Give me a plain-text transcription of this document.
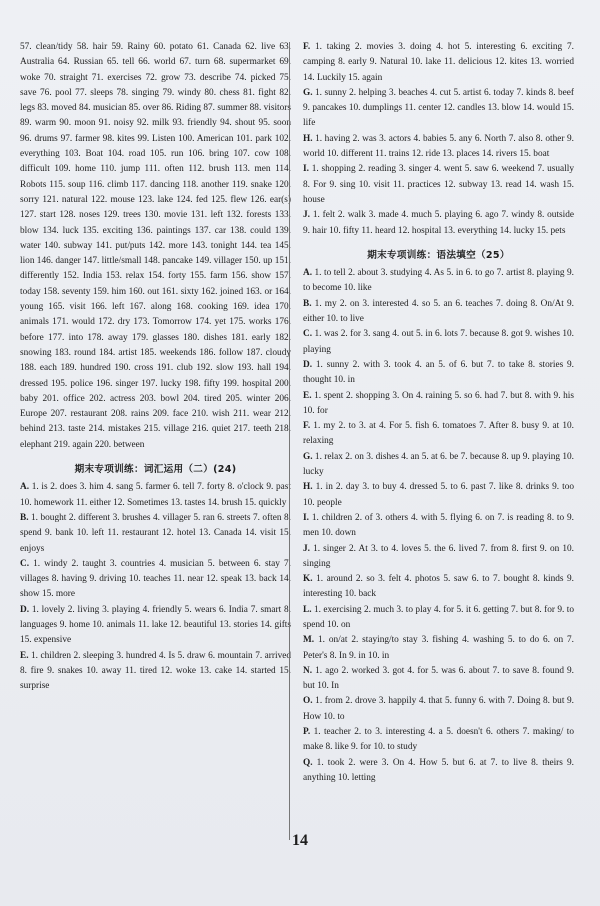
57. clean/tidy 58. hair 59. Rainy 60. potato 61. Canada 62. live 63. Australia 64. Russian 65. tell 66. world 67. turn 68. supermarket 69. woke 70. straight 71. exercises 72. grow 73. describe 74. picked 75. save 76. pool 77. sleeps 78. singing 79. windy 80. chess 81. fight 82. legs 83. moved 84. musician 85. over 86. Riding 87. summer 88. visitors 89. warm 90. moon 91. noisy 92. milk 93. friendly 94. shout 95. soon 96. drums 97. farmer 98. kites 99. Listen 100. American 101. park 102. everything 103. Boat 104. road 105. run 106. bring 107. cow 108. difficult 109. home 110. jump 111. often 112. brush 113. men 114. Robots 115. soup 116. climb 117. dancing 118. another 119. snake 120. sorry 121. natural 122. mouse 123. lake 124. fed 125. flew 126. ear(s) 127. start 128. noses 129. trees 130. movie 131. left 132. forests 133. blow 134. luck 135. exciting 136. paintings 137. car 138. could 139. water 140. subway 141. put/puts 142. more 143. tonight 144. tea 145. lion 146. danger 147. little/small 148. pancake 149. villager 150. up 151. differently 152. India 153. relax 154. forty 155. farm 156. show 157. today 158. seventy 159. him 160. out 161. sixty 162. joined 163. or 164. young 165. visit 166. left 167. along 168. cooking 169. idea 170. animals 171. would 172. dry 173. Tomorrow 174. yet 175. works 176. before 177. into 178. away 179. glasses 180. dishes 181. early 182. snowing 183. round 184. artist 185. weekends 186. follow 187. cloudy 188. each 189. hundred 190. cross 191. club 192. slow 193. hall 194. dressed 195. police 196. singer 197. lucky 198. fifty 199. hospital 200. baby 201. office 202. actress 203. bowl 204. tired 205. winter 206. Europe 207. restaurant 208. rains 209. face 210. wish 211. wear 212. behind 213. taste 214. mistakes 215. village 216. quiet 217. teeth 218. elephant 219. again 220. between

期末专项训练：词汇运用（二）(24)

A. 1. is 2. does 3. him 4. sang 5. farmer 6. tell 7. forty 8. o'clock 9. past 10. homework 11. either 12. Sometimes 13. tastes 14. brush 15. quickly

B. 1. bought 2. different 3. brushes 4. villager 5. ran 6. streets 7. often 8. spend 9. bank 10. left 11. restaurant 12. hotel 13. Canada 14. visit 15. enjoys

C. 1. windy 2. taught 3. countries 4. musician 5. between 6. stay 7. villages 8. having 9. driving 10. teaches 11. near 12. speak 13. back 14. show 15. more

D. 1. lovely 2. living 3. playing 4. friendly 5. wears 6. India 7. smart 8. languages 9. home 10. animals 11. lake 12. beautiful 13. stories 14. gifts 15. expensive

E. 1. children 2. sleeping 3. hundred 4. Is 5. draw 6. mountain 7. arrived 8. fire 9. snakes 10. away 11. tired 12. woke 13. cake 14. started 15. surprise

F. 1. taking 2. movies 3. doing 4. hot 5. interesting 6. exciting 7. camping 8. early 9. Natural 10. lake 11. delicious 12. kites 13. worried 14. Luckily 15. again

G. 1. sunny 2. helping 3. beaches 4. cut 5. artist 6. today 7. kinds 8. beef 9. pancakes 10. dumplings 11. center 12. candles 13. blow 14. would 15. life

H. 1. having 2. was 3. actors 4. babies 5. any 6. North 7. also 8. other 9. world 10. different 11. trains 12. ride 13. places 14. rivers 15. boat

I. 1. shopping 2. reading 3. singer 4. went 5. saw 6. weekend 7. usually 8. For 9. sing 10. visit 11. practices 12. subway 13. read 14. wash 15. house

J. 1. felt 2. walk 3. made 4. much 5. playing 6. ago 7. windy 8. outside 9. hair 10. fifty 11. heard 12. hospital 13. everything 14. lucky 15. pets

期末专项训练：语法填空（25）

A. 1. to tell 2. about 3. studying 4. As 5. in 6. to go 7. artist 8. playing 9. to become 10. like

B. 1. my 2. on 3. interested 4. so 5. an 6. teaches 7. doing 8. On/At 9. either 10. to live

C. 1. was 2. for 3. sang 4. out 5. in 6. lots 7. because 8. got 9. wishes 10. playing

D. 1. sunny 2. with 3. took 4. an 5. of 6. but 7. to take 8. stories 9. thought 10. in

E. 1. spent 2. shopping 3. On 4. raining 5. so 6. had 7. but 8. with 9. his 10. for

F. 1. my 2. to 3. at 4. For 5. fish 6. tomatoes 7. After 8. busy 9. at 10. relaxing

G. 1. relax 2. on 3. dishes 4. an 5. at 6. be 7. because 8. up 9. playing 10. lucky

H. 1. in 2. day 3. to buy 4. dressed 5. to 6. past 7. like 8. drinks 9. too 10. people

I. 1. children 2. of 3. others 4. with 5. flying 6. on 7. is reading 8. to 9. men 10. down

J. 1. singer 2. At 3. to 4. loves 5. the 6. lived 7. from 8. first 9. on 10. singing

K. 1. around 2. so 3. felt 4. photos 5. saw 6. to 7. bought 8. kinds 9. interesting 10. back

L. 1. exercising 2. much 3. to play 4. for 5. it 6. getting 7. but 8. for 9. to spend 10. on

M. 1. on/at 2. staying/to stay 3. fishing 4. washing 5. to do 6. on 7. Peter's 8. In 9. in 10. in

N. 1. ago 2. worked 3. got 4. for 5. was 6. about 7. to save 8. found 9. but 10. In

O. 1. from 2. drove 3. happily 4. that 5. funny 6. with 7. Doing 8. but 9. How 10. to

P. 1. teacher 2. to 3. interesting 4. a 5. doesn't 6. others 7. making/ to make 8. like 9. for 10. to study

Q. 1. took 2. were 3. On 4. How 5. but 6. at 7. to live 8. theirs 9. anything 10. letting

14
